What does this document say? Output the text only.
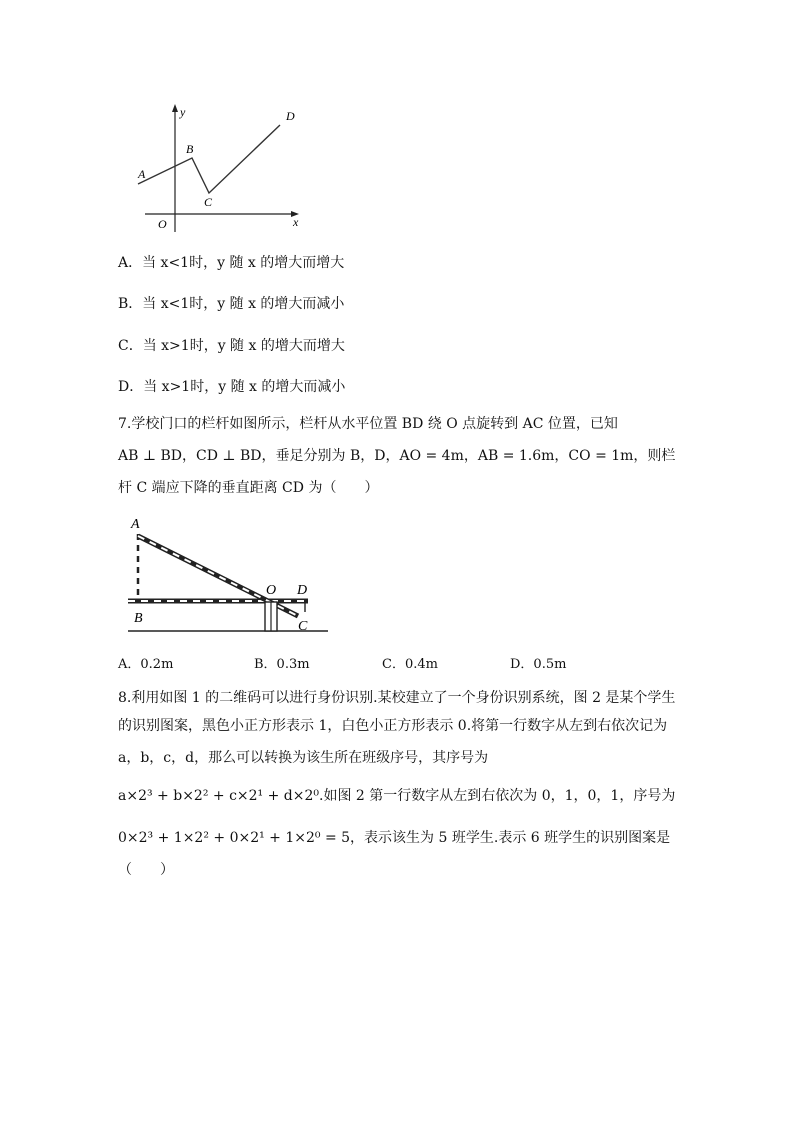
y
x
O
A
B
C
D
A．当 x<1时，y 随 x 的增大而增大
B．当 x<1时，y 随 x 的增大而减小
C．当 x>1时，y 随 x 的增大而增大
D．当 x>1时，y 随 x 的增大而减小
7.学校门口的栏杆如图所示，栏杆从水平位置 BD 绕 O 点旋转到 AC 位置，已知
AB ⊥ BD，CD ⊥ BD，垂足分别为 B，D，AO = 4m，AB = 1.6m，CO = 1m，则栏
杆 C 端应下降的垂直距离 CD 为（　　）
A
B
O D
C
A．0.2m	B．0.3m	C．0.4m	D．0.5m
8.利用如图 1 的二维码可以进行身份识别.某校建立了一个身份识别系统，图 2 是某个学生
的识别图案，黑色小正方形表示 1，白色小正方形表示 0.将第一行数字从左到右依次记为
a，b，c，d，那么可以转换为该生所在班级序号，其序号为
a×2³ + b×2² + c×2¹ + d×2⁰.如图 2 第一行数字从左到右依次为 0，1，0，1，序号为
0×2³ + 1×2² + 0×2¹ + 1×2⁰ = 5，表示该生为 5 班学生.表示 6 班学生的识别图案是
（　　）
